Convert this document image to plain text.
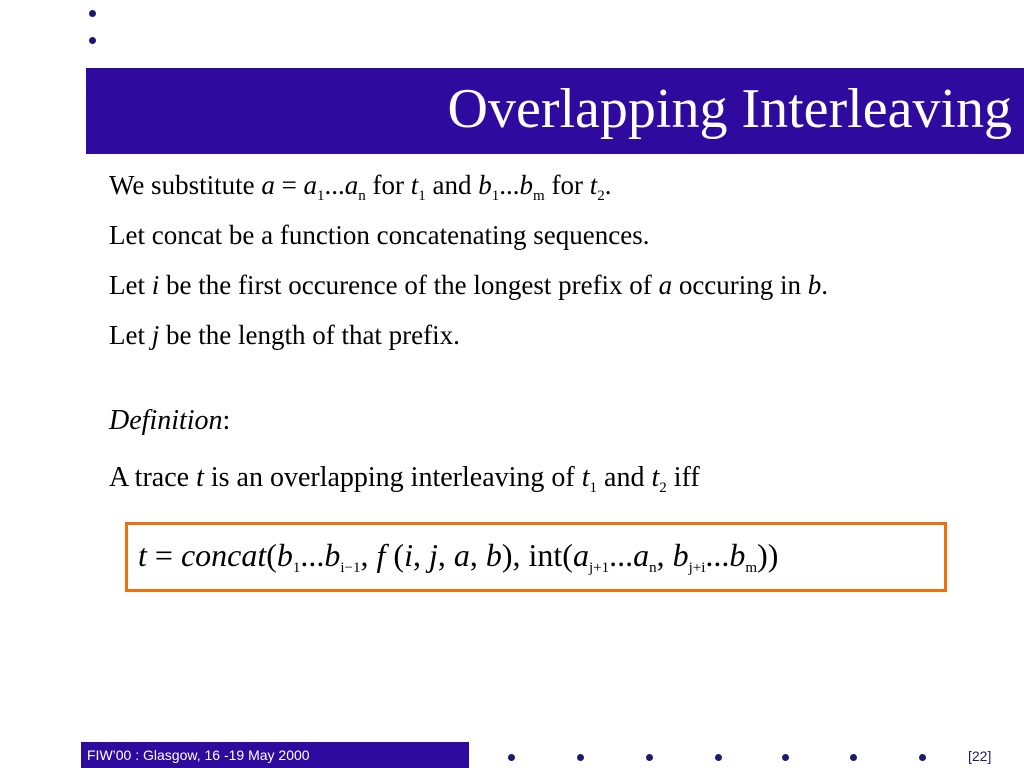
Overlapping Interleaving
We substitute $a = a_1...a_n$ for $t_1$ and $b_1...b_m$ for $t_2$.
Let concat be a function concatenating sequences.
Let i be the first occurence of the longest prefix of a occuring in b.
Let j be the length of that prefix.
Definition:
A trace t is an overlapping interleaving of $t_1$ and $t_2$ iff
$t = concat(b_1...b_{i-1}$, f (i, j, a, b), $int(a_{j+1}...a_n$, $b_{j+i}...b_m$))
FIW’00 : Glasgow, 16 -19 May 2000	[22]
